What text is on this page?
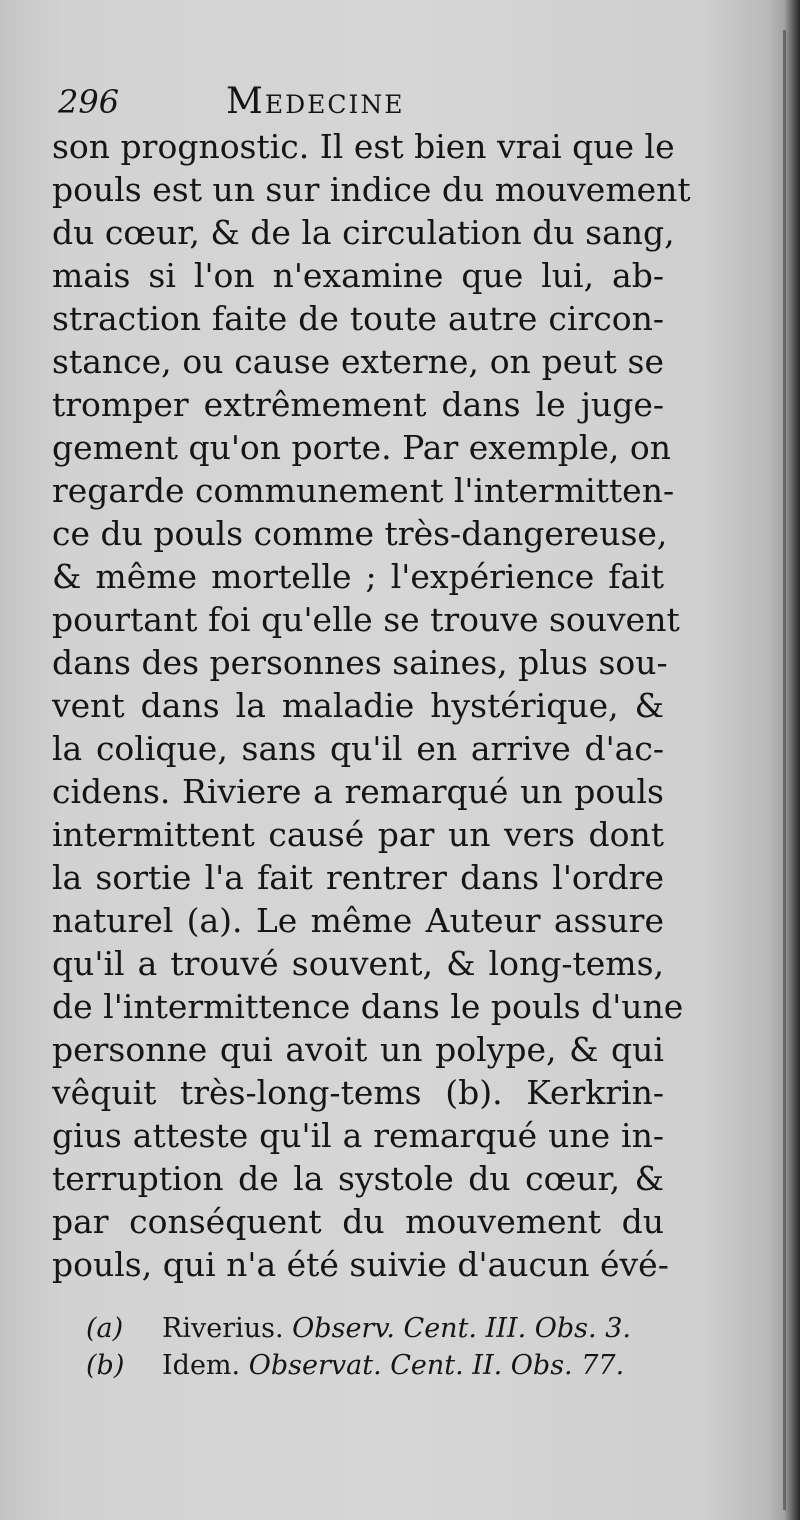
296	Medecine
son prognostic. Il est bien vrai que le
pouls est un sur indice du mouvement
du cœur, & de la circulation du sang,
mais si l'on n'examine que lui, ab-
straction faite de toute autre circon-
stance, ou cause externe, on peut se
tromper extrêmement dans le juge-
gement qu'on porte. Par exemple, on
regarde communement l'intermitten-
ce du pouls comme très-dangereuse,
& même mortelle ; l'expérience fait
pourtant foi qu'elle se trouve souvent
dans des personnes saines, plus sou-
vent dans la maladie hystérique, &
la colique, sans qu'il en arrive d'ac-
cidens. Riviere a remarqué un pouls
intermittent causé par un vers dont
la sortie l'a fait rentrer dans l'ordre
naturel (a). Le même Auteur assure
qu'il a trouvé souvent, & long-tems,
de l'intermittence dans le pouls d'une
personne qui avoit un polype, & qui
vêquit très-long-tems (b). Kerkrin-
gius atteste qu'il a remarqué une in-
terruption de la systole du cœur, &
par conséquent du mouvement du
pouls, qui n'a été suivie d'aucun évé-
(a)	Riverius.
Observ. Cent. III. Obs. 3.
(b)	Idem.
Observat. Cent. II. Obs. 77.
